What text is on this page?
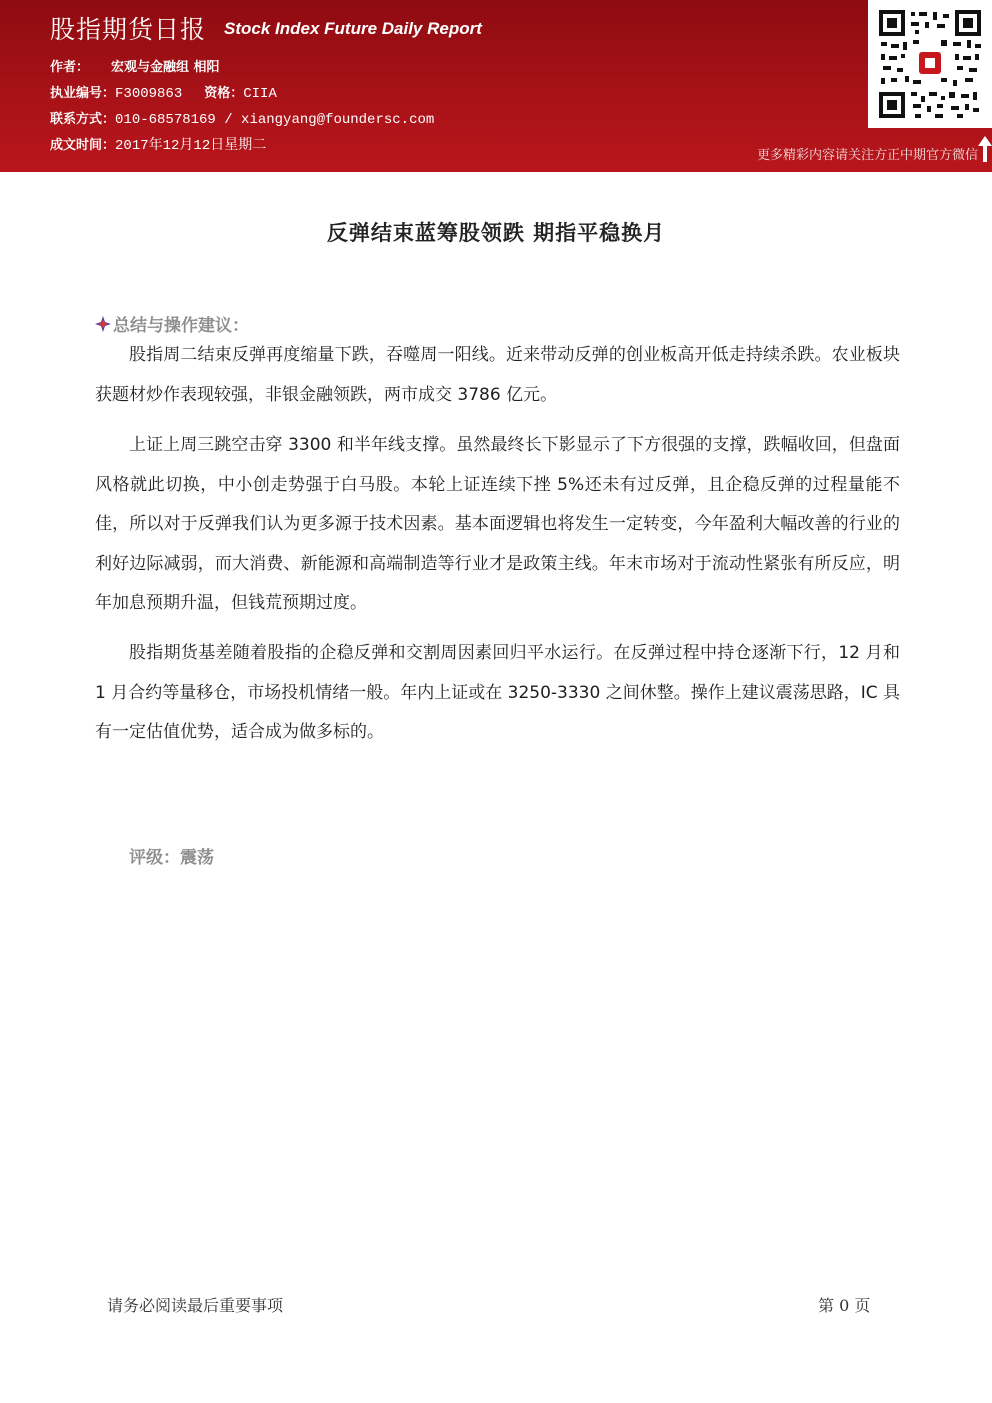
股指期货日报 Stock Index Future Daily Report
作者： 宏观与金融组 相阳
执业编号：F3009863 资格：CIIA
联系方式：010-68578169 / xiangyang@foundersc.com
成文时间：2017年12月12日星期二
更多精彩内容请关注方正中期官方微信
反弹结束蓝筹股领跌 期指平稳换月
总结与操作建议：
股指周二结束反弹再度缩量下跌，吞噬周一阳线。近来带动反弹的创业板高开低走持续杀跌。农业板块获题材炒作表现较强，非银金融领跌，两市成交 3786 亿元。
上证上周三跳空击穿 3300 和半年线支撑。虽然最终长下影显示了下方很强的支撑，跌幅收回，但盘面风格就此切换，中小创走势强于白马股。本轮上证连续下挫 5%还未有过反弹，且企稳反弹的过程量能不佳，所以对于反弹我们认为更多源于技术因素。基本面逻辑也将发生一定转变，今年盈利大幅改善的行业的利好边际减弱，而大消费、新能源和高端制造等行业才是政策主线。年末市场对于流动性紧张有所反应，明年加息预期升温，但钱荒预期过度。
股指期货基差随着股指的企稳反弹和交割周因素回归平水运行。在反弹过程中持仓逐渐下行，12 月和 1 月合约等量移仓，市场投机情绪一般。年内上证或在 3250-3330 之间休整。操作上建议震荡思路，IC 具有一定估值优势，适合成为做多标的。
评级：震荡
请务必阅读最后重要事项	第 0 页
